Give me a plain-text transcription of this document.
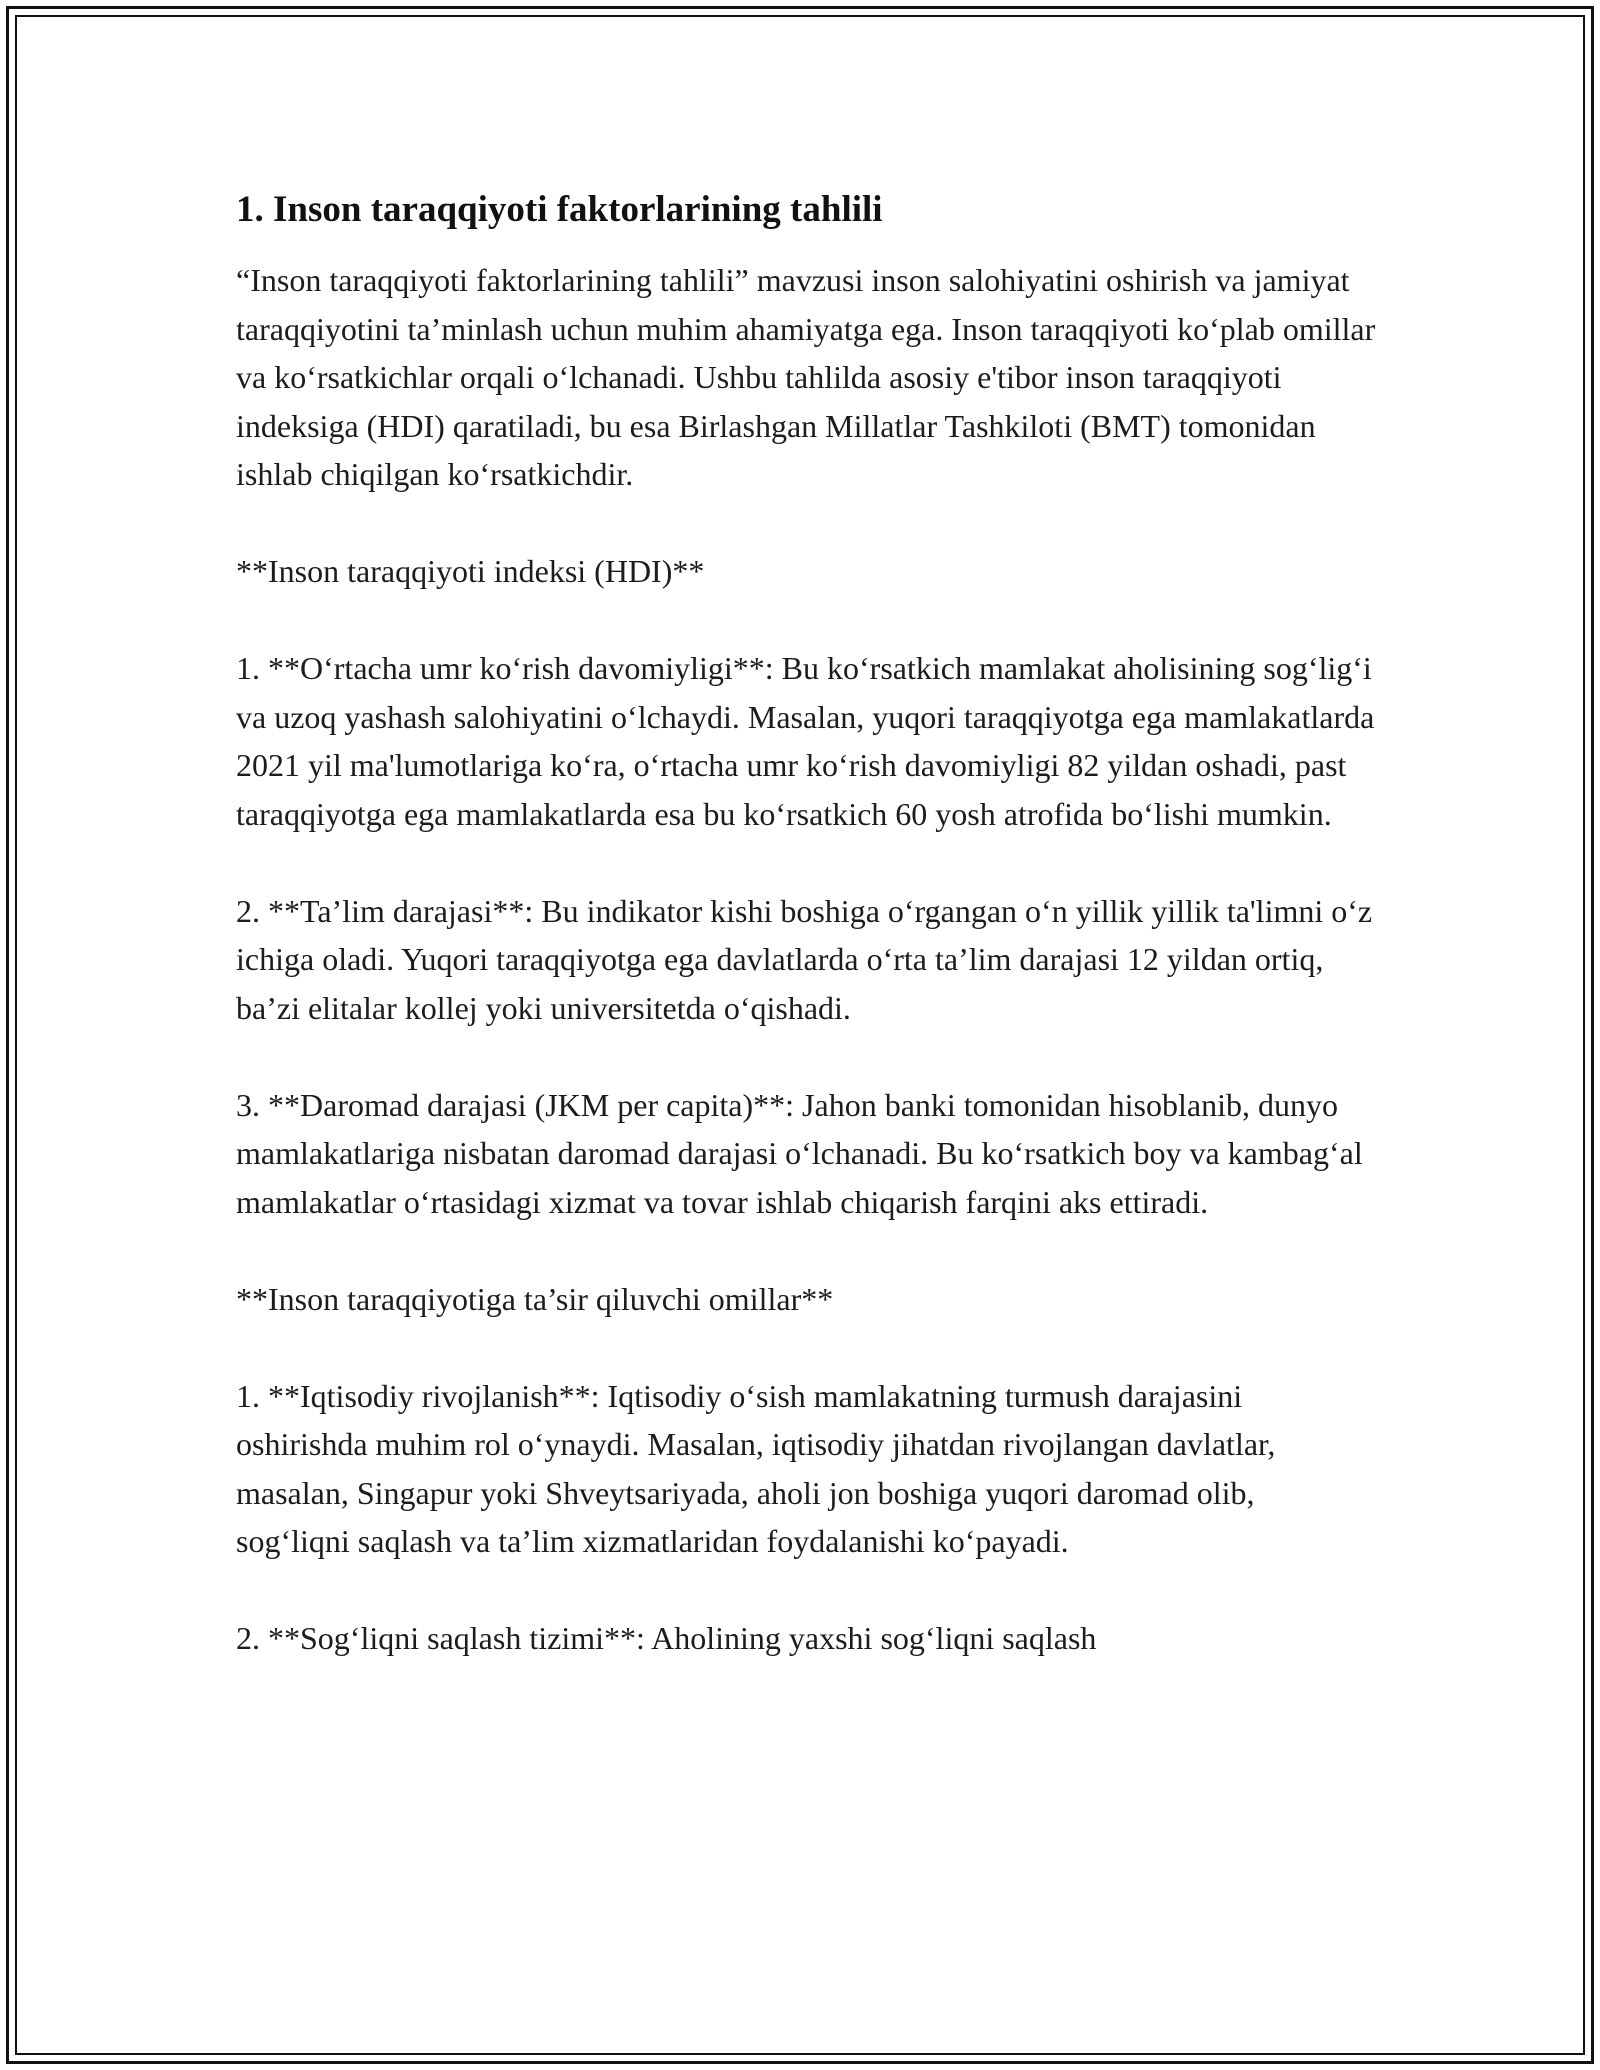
1. Inson taraqqiyoti faktorlarining tahlili

“Inson taraqqiyoti faktorlarining tahlili” mavzusi inson salohiyatini oshirish va jamiyat taraqqiyotini ta’minlash uchun muhim ahamiyatga ega. Inson taraqqiyoti ko‘plab omillar va ko‘rsatkichlar orqali o‘lchanadi. Ushbu tahlilda asosiy e'tibor inson taraqqiyoti indeksiga (HDI) qaratiladi, bu esa Birlashgan Millatlar Tashkiloti (BMT) tomonidan ishlab chiqilgan ko‘rsatkichdir.

**Inson taraqqiyoti indeksi (HDI)**

1. **O‘rtacha umr ko‘rish davomiyligi**: Bu ko‘rsatkich mamlakat aholisining sog‘lig‘i va uzoq yashash salohiyatini o‘lchaydi. Masalan, yuqori taraqqiyotga ega mamlakatlarda 2021 yil ma'lumotlariga ko‘ra, o‘rtacha umr ko‘rish davomiyligi 82 yildan oshadi, past taraqqiyotga ega mamlakatlarda esa bu ko‘rsatkich 60 yosh atrofida bo‘lishi mumkin.

2. **Ta’lim darajasi**: Bu indikator kishi boshiga o‘rgangan o‘n yillik yillik ta'limni o‘z ichiga oladi. Yuqori taraqqiyotga ega davlatlarda o‘rta ta’lim darajasi 12 yildan ortiq, ba’zi elitalar kollej yoki universitetda o‘qishadi.

3. **Daromad darajasi (JKM per capita)**: Jahon banki tomonidan hisoblanib, dunyo mamlakatlariga nisbatan daromad darajasi o‘lchanadi. Bu ko‘rsatkich boy va kambag‘al mamlakatlar o‘rtasidagi xizmat va tovar ishlab chiqarish farqini aks ettiradi.

**Inson taraqqiyotiga ta’sir qiluvchi omillar**

1. **Iqtisodiy rivojlanish**: Iqtisodiy o‘sish mamlakatning turmush darajasini oshirishda muhim rol o‘ynaydi. Masalan, iqtisodiy jihatdan rivojlangan davlatlar, masalan, Singapur yoki Shveytsariyada, aholi jon boshiga yuqori daromad olib, sog‘liqni saqlash va ta’lim xizmatlaridan foydalanishi ko‘payadi.

2. **Sog‘liqni saqlash tizimi**: Aholining yaxshi sog‘liqni saqlash
